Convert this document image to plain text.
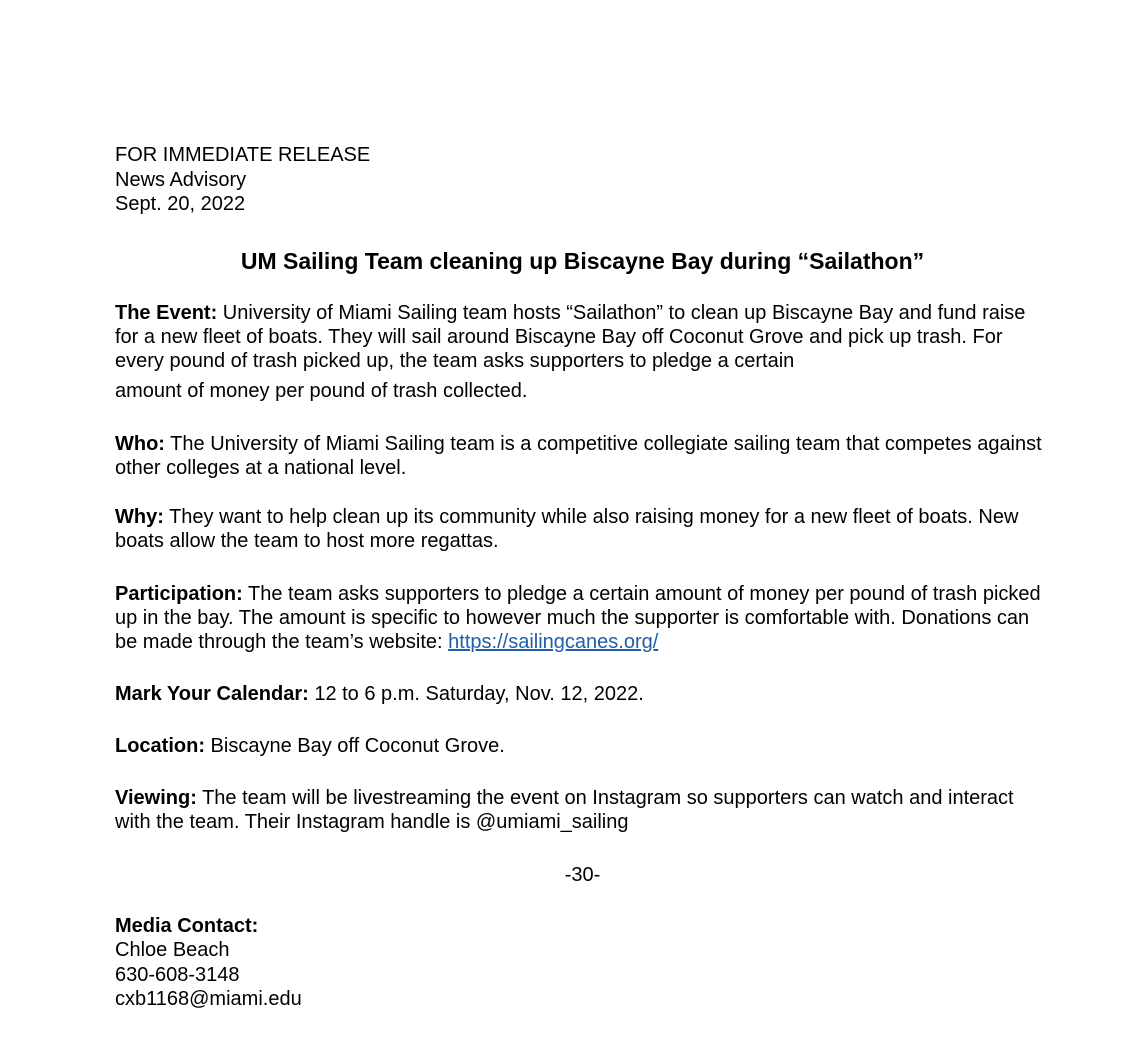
FOR IMMEDIATE RELEASE
News Advisory
Sept. 20, 2022
UM Sailing Team cleaning up Biscayne Bay during “Sailathon”
The Event: University of Miami Sailing team hosts “Sailathon” to clean up Biscayne Bay and fund raise for a new fleet of boats. They will sail around Biscayne Bay off Coconut Grove and pick up trash. For every pound of trash picked up, the team asks supporters to pledge a certain amount of money per pound of trash collected.
Who: The University of Miami Sailing team is a competitive collegiate sailing team that competes against other colleges at a national level.
Why: They want to help clean up its community while also raising money for a new fleet of boats. New boats allow the team to host more regattas.
Participation: The team asks supporters to pledge a certain amount of money per pound of trash picked up in the bay. The amount is specific to however much the supporter is comfortable with. Donations can be made through the team’s website: https://sailingcanes.org/
Mark Your Calendar: 12 to 6 p.m. Saturday, Nov. 12, 2022.
Location: Biscayne Bay off Coconut Grove.
Viewing: The team will be livestreaming the event on Instagram so supporters can watch and interact with the team. Their Instagram handle is @umiami_sailing
-30-
Media Contact:
Chloe Beach
630-608-3148
cxb1168@miami.edu
